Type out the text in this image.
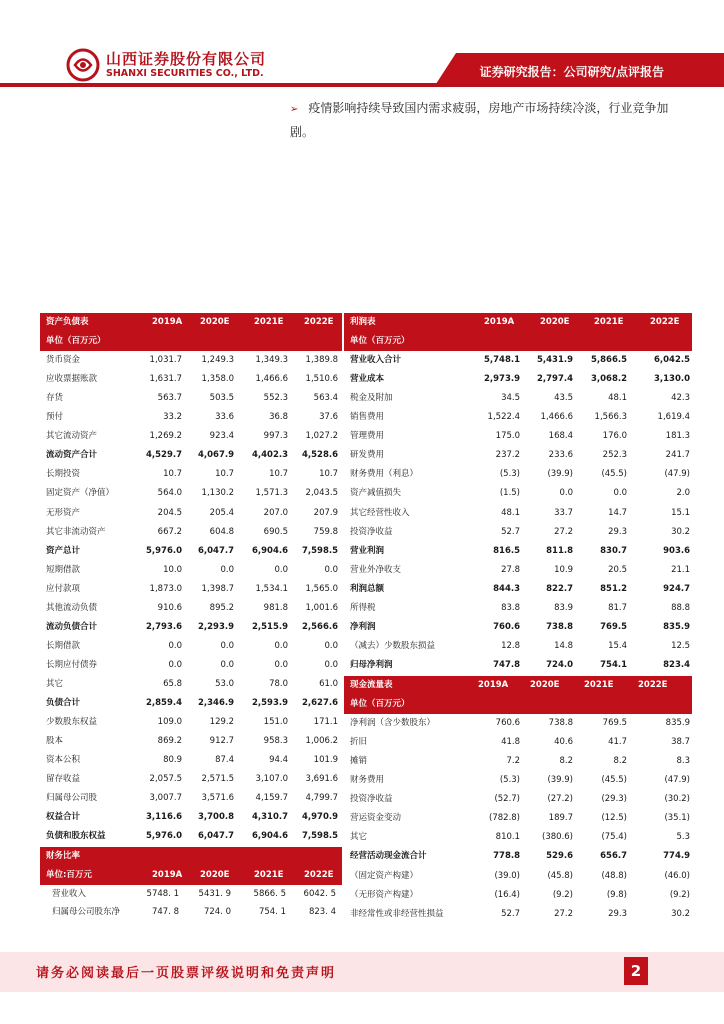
山西证券股份有限公司
SHANXI SECURITIES CO., LTD.	证券研究报告：公司研究/点评报告
➢ 疫情影响持续导致国内需求疲弱，房地产市场持续冷淡，行业竞争加剧。
资产负债表	2019A 2020E	2021E 2022E
单位（百万元）
货币资金	1,031.7 1,249.3	1,349.3 1,389.8
应收票据账款	1,631.7 1,358.0	1,466.6 1,510.6
存货	563.7	503.5	552.3	563.4
预付	33.2	33.6	36.8	37.6
其它流动资产	1,269.2	923.4	997.3 1,027.2
流动资产合计	4,529.7 4,067.9 4,402.3 4,528.6
长期投资	10.7	10.7	10.7	10.7
固定资产（净值）	564.0 1,130.2	1,571.3 2,043.5
无形资产	204.5	205.4	207.0	207.9
其它非流动资产	667.2	604.8	690.5	759.8
资产总计	5,976.0 6,047.7 6,904.6 7,598.5
短期借款	10.0	0.0	0.0	0.0
应付款项	1,873.0 1,398.7	1,534.1 1,565.0
其他流动负债	910.6	895.2	981.8 1,001.6
流动负债合计	2,793.6 2,293.9 2,515.9 2,566.6
长期借款	0.0	0.0	0.0	0.0
长期应付债券	0.0	0.0	0.0	0.0
其它	65.8	53.0	78.0	61.0
负债合计	2,859.4 2,346.9 2,593.9 2,627.6
少数股东权益	109.0	129.2	151.0	171.1
股本	869.2	912.7	958.3 1,006.2
资本公积	80.9	87.4	94.4	101.9
留存收益	2,057.5 2,571.5	3,107.0 3,691.6
归属母公司股	3,007.7 3,571.6	4,159.7 4,799.7
权益合计	3,116.6 3,700.8 4,310.7 4,970.9
负债和股东权益	5,976.0 6,047.7 6,904.6 7,598.5
财务比率
单位:百万元	2019A 2020E	2021E 2022E
营业收入	5748. 1 5431. 9	5866. 5 6042. 5
归属母公司股东净	747. 8	724. 0	754. 1	823. 4
利润表	2019A	2020E	2021E	2022E
单位（百万元）
营业收入合计	5,748.1 5,431.9 5,866.5	6,042.5
营业成本	2,973.9 2,797.4 3,068.2	3,130.0
税金及附加	34.5	43.5	48.1	42.3
销售费用	1,522.4 1,466.6	1,566.3	1,619.4
管理费用	175.0	168.4	176.0	181.3
研发费用	237.2	233.6	252.3	241.7
财务费用（利息）	(5.3)	(39.9)	(45.5)	(47.9)
资产减值损失	(1.5)	0.0	0.0	2.0
其它经营性收入	48.1	33.7	14.7	15.1
投资净收益	52.7	27.2	29.3	30.2
营业利润	816.5	811.8	830.7	903.6
营业外净收支	27.8	10.9	20.5	21.1
利润总额	844.3	822.7	851.2	924.7
所得税	83.8	83.9	81.7	88.8
净利润	760.6	738.8	769.5	835.9
（减去）少数股东损益	12.8	14.8	15.4	12.5
归母净利润	747.8	724.0	754.1	823.4
现金流量表	2019A	2020E	2021E	2022E
单位（百万元）
净利润（含少数股东）	760.6	738.8	769.5	835.9
折旧	41.8	40.6	41.7	38.7
摊销	7.2	8.2	8.2	8.3
财务费用	(5.3)	(39.9)	(45.5)	(47.9)
投资净收益	(52.7)	(27.2)	(29.3)	(30.2)
营运资金变动	(782.8)	189.7	(12.5)	(35.1)
其它	810.1	(380.6)	(75.4)	5.3
经营活动现金流合计	778.8	529.6	656.7	774.9
（固定资产构建）	(39.0)	(45.8)	(48.8)	(46.0)
（无形资产构建）	(16.4)	(9.2)	(9.8)	(9.2)
非经常性或非经营性损益	52.7	27.2	29.3	30.2
请务必阅读最后一页股票评级说明和免责声明	2
